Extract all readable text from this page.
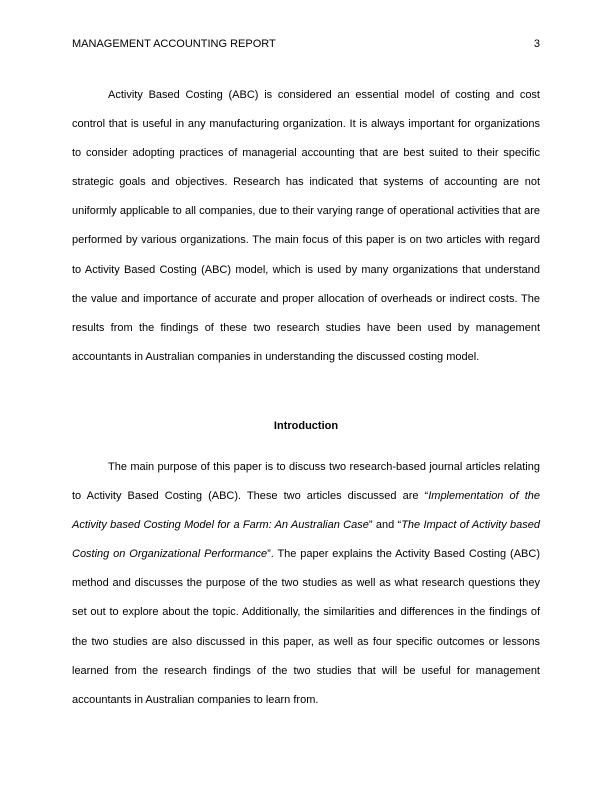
MANAGEMENT ACCOUNTING REPORT	3

Activity Based Costing (ABC) is considered an essential model of costing and cost control that is useful in any manufacturing organization. It is always important for organizations to consider adopting practices of managerial accounting that are best suited to their specific strategic goals and objectives. Research has indicated that systems of accounting are not uniformly applicable to all companies, due to their varying range of operational activities that are performed by various organizations. The main focus of this paper is on two articles with regard to Activity Based Costing (ABC) model, which is used by many organizations that understand the value and importance of accurate and proper allocation of overheads or indirect costs. The results from the findings of these two research studies have been used by management accountants in Australian companies in understanding the discussed costing model.

Introduction

The main purpose of this paper is to discuss two research-based journal articles relating to Activity Based Costing (ABC). These two articles discussed are “Implementation of the Activity based Costing Model for a Farm: An Australian Case” and “The Impact of Activity based Costing on Organizational Performance”. The paper explains the Activity Based Costing (ABC) method and discusses the purpose of the two studies as well as what research questions they set out to explore about the topic. Additionally, the similarities and differences in the findings of the two studies are also discussed in this paper, as well as four specific outcomes or lessons learned from the research findings of the two studies that will be useful for management accountants in Australian companies to learn from.
